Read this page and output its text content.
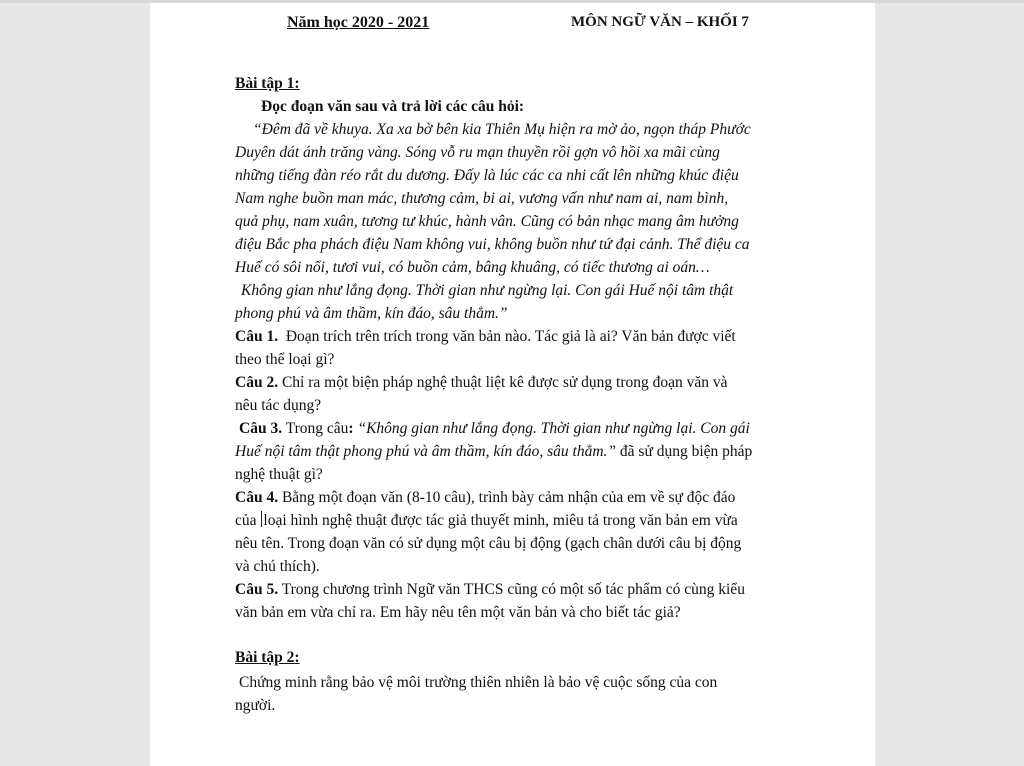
Năm học 2020 - 2021	MÔN NGỮ VĂN – KHỐI 7
Bài tập 1:
Đọc đoạn văn sau và trả lời các câu hỏi:
“Đêm đã về khuya. Xa xa bờ bên kia Thiên Mụ hiện ra mờ ảo, ngọn tháp Phước
Duyên dát ánh trăng vàng. Sóng vỗ ru mạn thuyền rồi gợn vô hồi xa mãi cùng
những tiếng đàn réo rắt du dương. Đấy là lúc các ca nhi cất lên những khúc điệu
Nam nghe buồn man mác, thương cảm, bi ai, vương vấn như nam ai, nam bình,
quả phụ, nam xuân, tương tư khúc, hành vân. Cũng có bản nhạc mang âm hưởng
điệu Bắc pha phách điệu Nam không vui, không buồn như tứ đại cảnh. Thể điệu ca
Huế có sôi nổi, tươi vui, có buồn cảm, bâng khuâng, có tiếc thương ai oán…
Không gian như lắng đọng. Thời gian như ngừng lại. Con gái Huế nội tâm thật
phong phú và âm thầm, kín đáo, sâu thẳm.”
Câu 1. Đoạn trích trên trích trong văn bản nào. Tác giả là ai? Văn bản được viết
theo thể loại gì?
Câu 2. Chỉ ra một biện pháp nghệ thuật liệt kê được sử dụng trong đoạn văn và
nêu tác dụng?
Câu 3. Trong câu: “Không gian như lắng đọng. Thời gian như ngừng lại. Con gái
Huế nội tâm thật phong phú và âm thầm, kín đáo, sâu thẳm.” đã sử dụng biện pháp
nghệ thuật gì?
Câu 4. Bằng một đoạn văn (8-10 câu), trình bày cảm nhận của em về sự độc đáo
của loại hình nghệ thuật được tác giả thuyết minh, miêu tả trong văn bản em vừa
nêu tên. Trong đoạn văn có sử dụng một câu bị động (gạch chân dưới câu bị động
và chú thích).
Câu 5. Trong chương trình Ngữ văn THCS cũng có một số tác phẩm có cùng kiểu
văn bản em vừa chỉ ra. Em hãy nêu tên một văn bản và cho biết tác giả?
Bài tập 2:
Chứng minh rằng bảo vệ môi trường thiên nhiên là bảo vệ cuộc sống của con
người.
